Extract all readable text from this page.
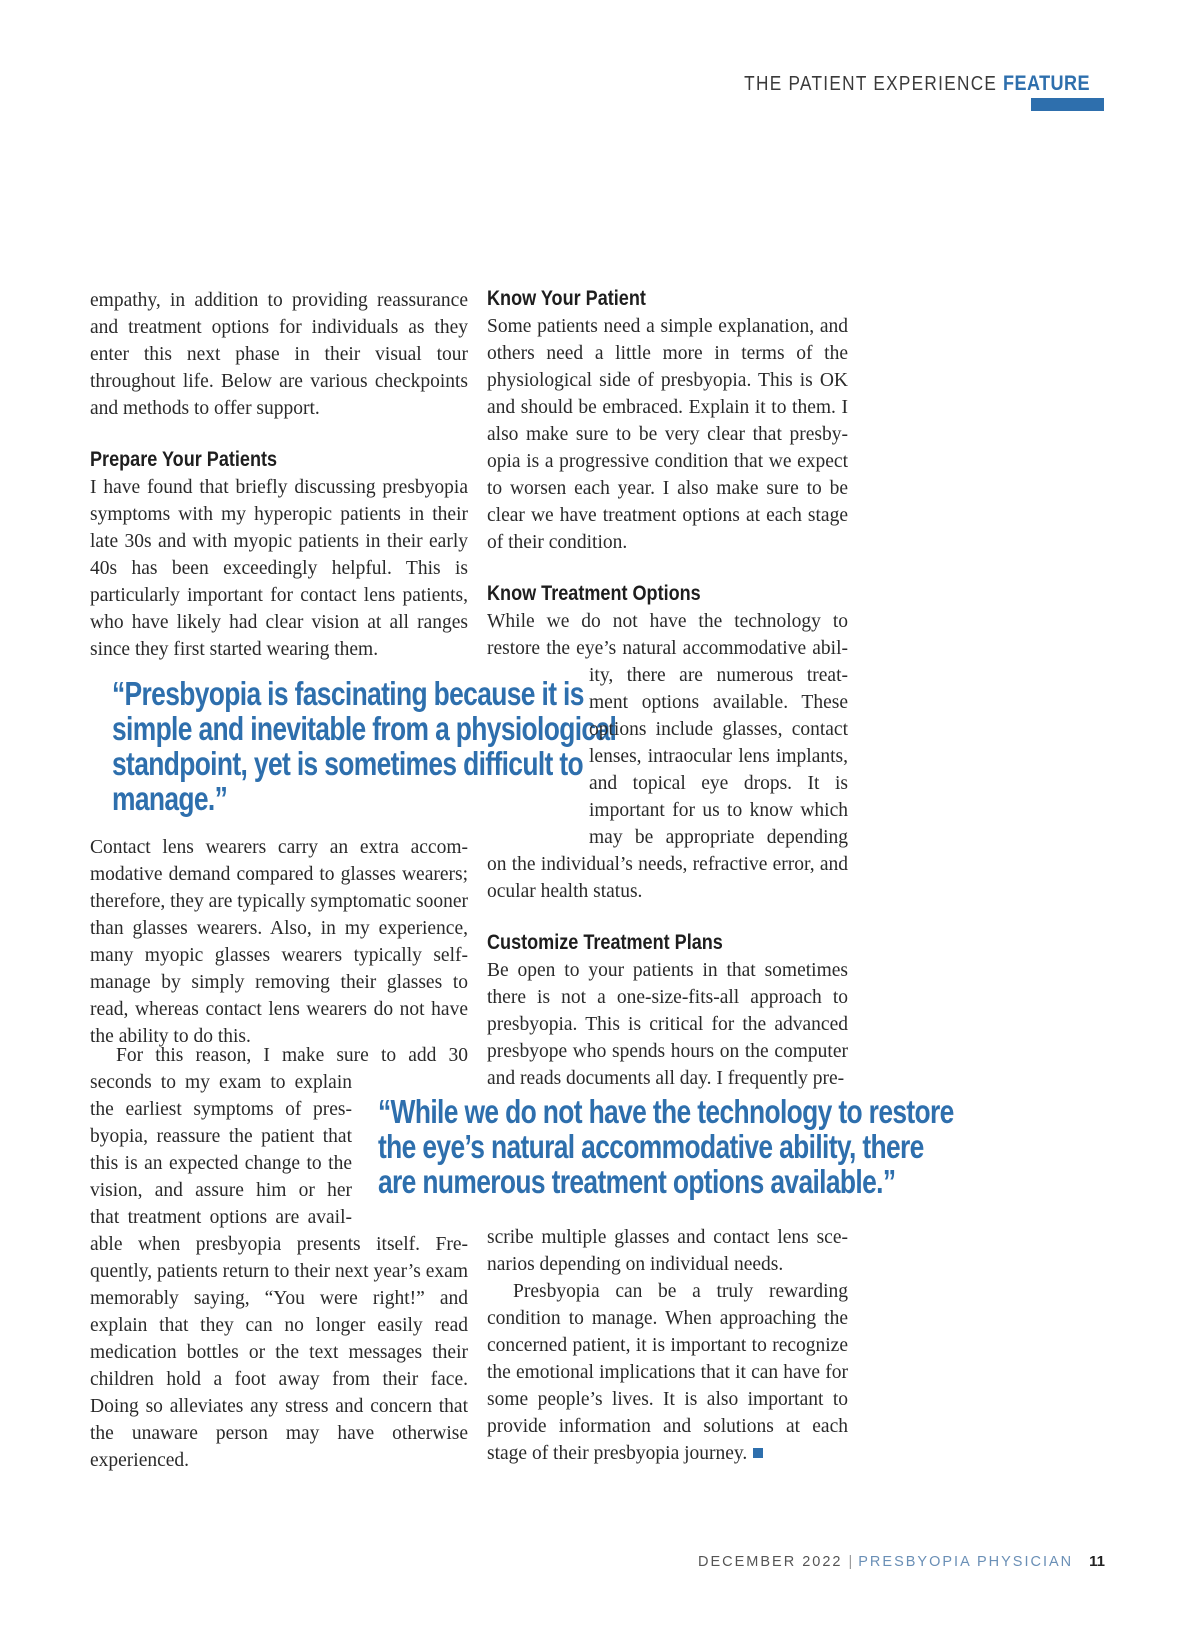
THE PATIENT EXPERIENCE FEATURE

empathy, in addition to providing reassurance and treatment options for individuals as they enter this next phase in their visual tour throughout life. Below are various checkpoints and methods to offer support.

Prepare Your Patients

I have found that briefly discussing presbyopia symptoms with my hyperopic patients in their late 30s and with myopic patients in their early 40s has been exceedingly helpful. This is particularly important for contact lens patients, who have likely had clear vision at all ranges since they first started wearing them.

“Presbyopia is fascinating because it is
simple and inevitable from a physiological
standpoint, yet is sometimes difficult to
manage.”

Contact lens wearers carry an extra accommodative demand compared to glasses wearers; therefore, they are typically symptomatic sooner than glasses wearers. Also, in my experience, many myopic glasses wearers typically self-manage by simply removing their glasses to read, whereas contact lens wearers do not have the ability to do this.

For this reason, I make sure to add 30

seconds to my exam to explain

the earliest symptoms of pres-

byopia, reassure the patient that

this is an expected change to the

vision, and assure him or her

that treatment options are avail-

able when presbyopia presents itself. Frequently, patients return to their next year’s exam memorably saying, “You were right!” and explain that they can no longer easily read medication bottles or the text messages their children hold a foot away from their face. Doing so alleviates any stress and concern that the unaware person may have otherwise experienced.

“While we do not have the technology to restore
the eye’s natural accommodative ability, there
are numerous treatment options available.”
Know Your Patient

Some patients need a simple explanation, and others need a little more in terms of the physiological side of presbyopia. This is OK and should be embraced. Explain it to them. I also make sure to be very clear that presbyopia is a progressive condition that we expect to worsen each year. I also make sure to be clear we have treatment options at each stage of their condition.

Know Treatment Options

While we do not have the technology to

restore the eye’s natural accommodative abil-

ity, there are numerous treat-

ment options available. These

options include glasses, contact

lenses, intraocular lens implants,

and topical eye drops. It is

important for us to know which

may be appropriate depending

on the individual’s needs, refractive error, and

ocular health status.

Customize Treatment Plans

Be open to your patients in that sometimes there is not a one-size-fits-all approach to presbyopia. This is critical for the advanced presbyope who spends hours on the computer and reads documents all day. I frequently pre-

scribe multiple glasses and contact lens scenarios depending on individual needs.

Presbyopia can be a truly rewarding condition to manage. When approaching the concerned patient, it is important to recognize the emotional implications that it can have for some people’s lives. It is also important to provide information and solutions at each stage of their presbyopia journey.

DECEMBER 2022 | PRESBYOPIA PHYSICIAN 11
